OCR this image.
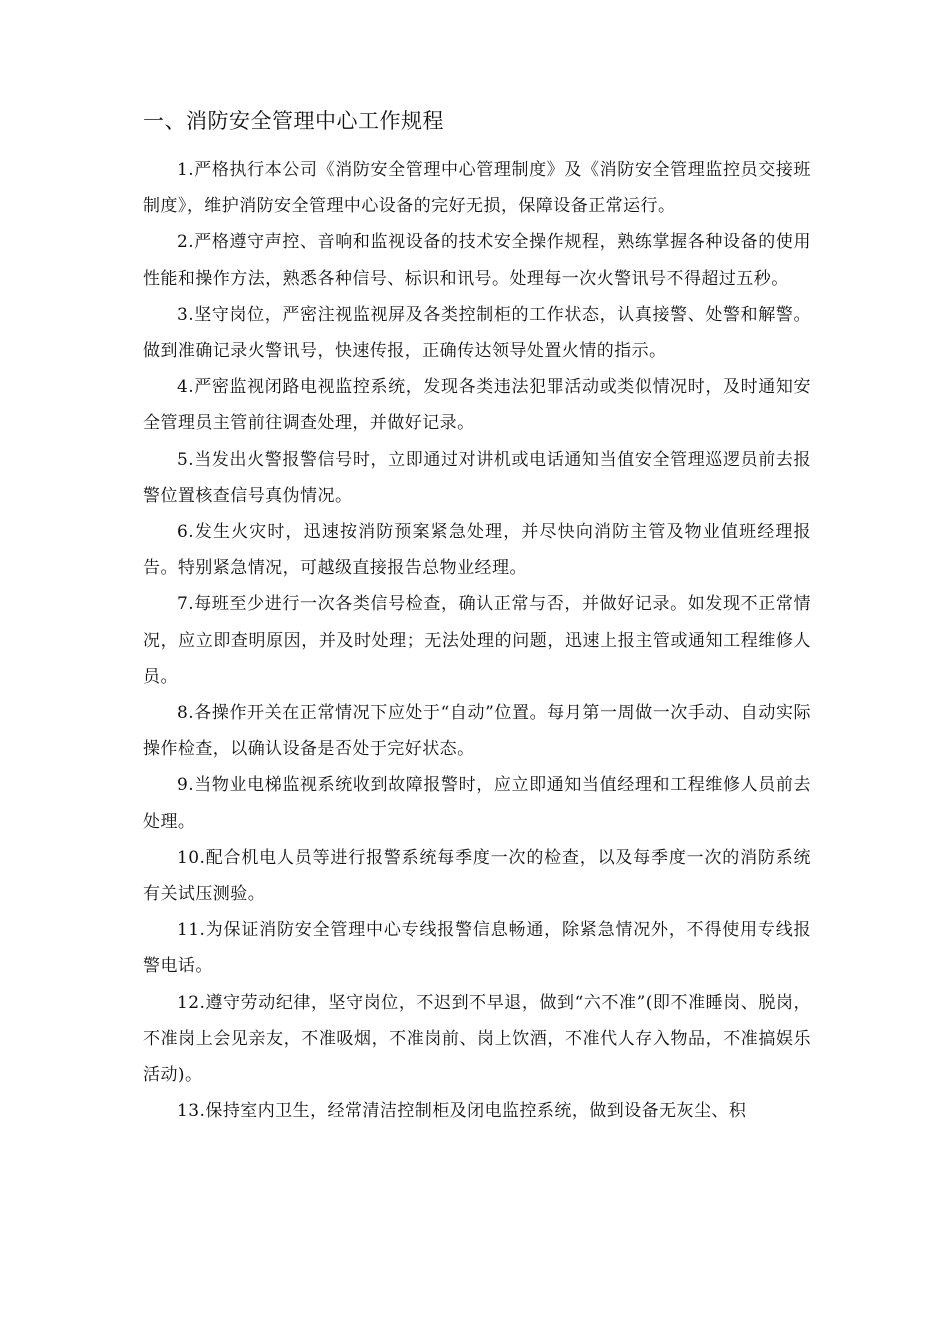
一、消防安全管理中心工作规程

1.严格执行本公司《消防安全管理中心管理制度》及《消防安全管理监控员交接班制度》，维护消防安全管理中心设备的完好无损，保障设备正常运行。

2.严格遵守声控、音响和监视设备的技术安全操作规程，熟练掌握各种设备的使用性能和操作方法，熟悉各种信号、标识和讯号。处理每一次火警讯号不得超过五秒。

3.坚守岗位，严密注视监视屏及各类控制柜的工作状态，认真接警、处警和解警。做到准确记录火警讯号，快速传报，正确传达领导处置火情的指示。

4.严密监视闭路电视监控系统，发现各类违法犯罪活动或类似情况时，及时通知安全管理员主管前往调查处理，并做好记录。

5.当发出火警报警信号时，立即通过对讲机或电话通知当值安全管理巡逻员前去报警位置核查信号真伪情况。

6.发生火灾时，迅速按消防预案紧急处理，并尽快向消防主管及物业值班经理报告。特别紧急情况，可越级直接报告总物业经理。

7.每班至少进行一次各类信号检查，确认正常与否，并做好记录。如发现不正常情况，应立即查明原因，并及时处理；无法处理的问题，迅速上报主管或通知工程维修人员。

8.各操作开关在正常情况下应处于“自动”位置。每月第一周做一次手动、自动实际操作检查，以确认设备是否处于完好状态。

9.当物业电梯监视系统收到故障报警时，应立即通知当值经理和工程维修人员前去处理。

10.配合机电人员等进行报警系统每季度一次的检查，以及每季度一次的消防系统有关试压测验。

11.为保证消防安全管理中心专线报警信息畅通，除紧急情况外，不得使用专线报警电话。

12.遵守劳动纪律，坚守岗位，不迟到不早退，做到“六不准”(即不准睡岗、脱岗，不准岗上会见亲友，不准吸烟，不准岗前、岗上饮酒，不准代人存入物品，不准搞娱乐活动)。

13.保持室内卫生，经常清洁控制柜及闭电监控系统，做到设备无灰尘、积
